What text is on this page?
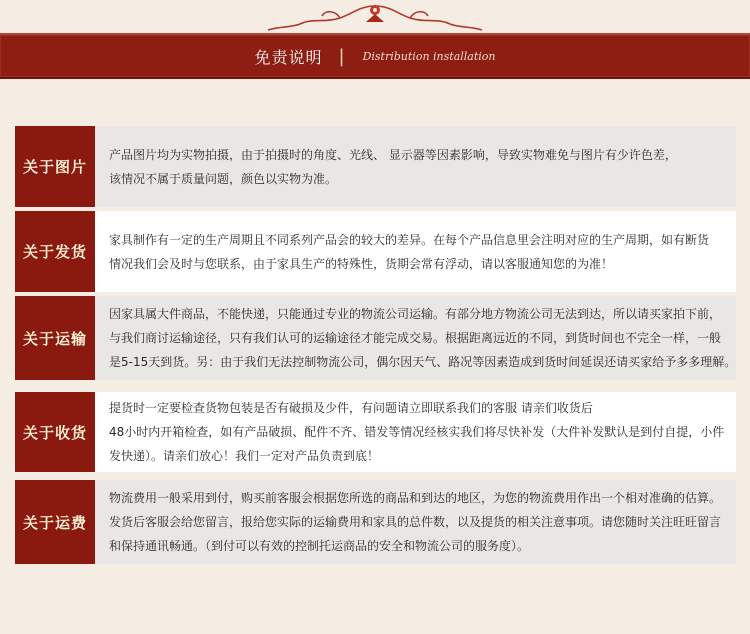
免责说明 | Distribution installation
关于图片
产品图片均为实物拍摄，由于拍摄时的角度、光线、 显示器等因素影响，导致实物难免与图片有少许色差，
该情况不属于质量问题，颜色以实物为准。
关于发货
家具制作有一定的生产周期且不同系列产品会的较大的差异。在每个产品信息里会注明对应的生产周期，如有断货
情况我们会及时与您联系，由于家具生产的特殊性，货期会常有浮动，请以客服通知您的为准！
关于运输
因家具属大件商品，不能快递，只能通过专业的物流公司运输。有部分地方物流公司无法到达，所以请买家拍下前，
与我们商讨运输途径，只有我们认可的运输途径才能完成交易。根据距离远近的不同，到货时间也不完全一样，一般
是5-15天到货。另：由于我们无法控制物流公司，偶尔因天气、路况等因素造成到货时间延误还请买家给予多多理解。
关于收货
提货时一定要检查货物包装是否有破损及少件，有问题请立即联系我们的客服 请亲们收货后
48小时内开箱检查，如有产品破损、配件不齐、错发等情况经核实我们将尽快补发（大件补发默认是到付自提，小件
发快递）。请亲们放心！我们一定对产品负责到底！
关于运费
物流费用一般采用到付，购买前客服会根据您所选的商品和到达的地区，为您的物流费用作出一个相对准确的估算。
发货后客服会给您留言，报给您实际的运输费用和家具的总件数，以及提货的相关注意事项。请您随时关注旺旺留言
和保持通讯畅通。（到付可以有效的控制托运商品的安全和物流公司的服务度）。
